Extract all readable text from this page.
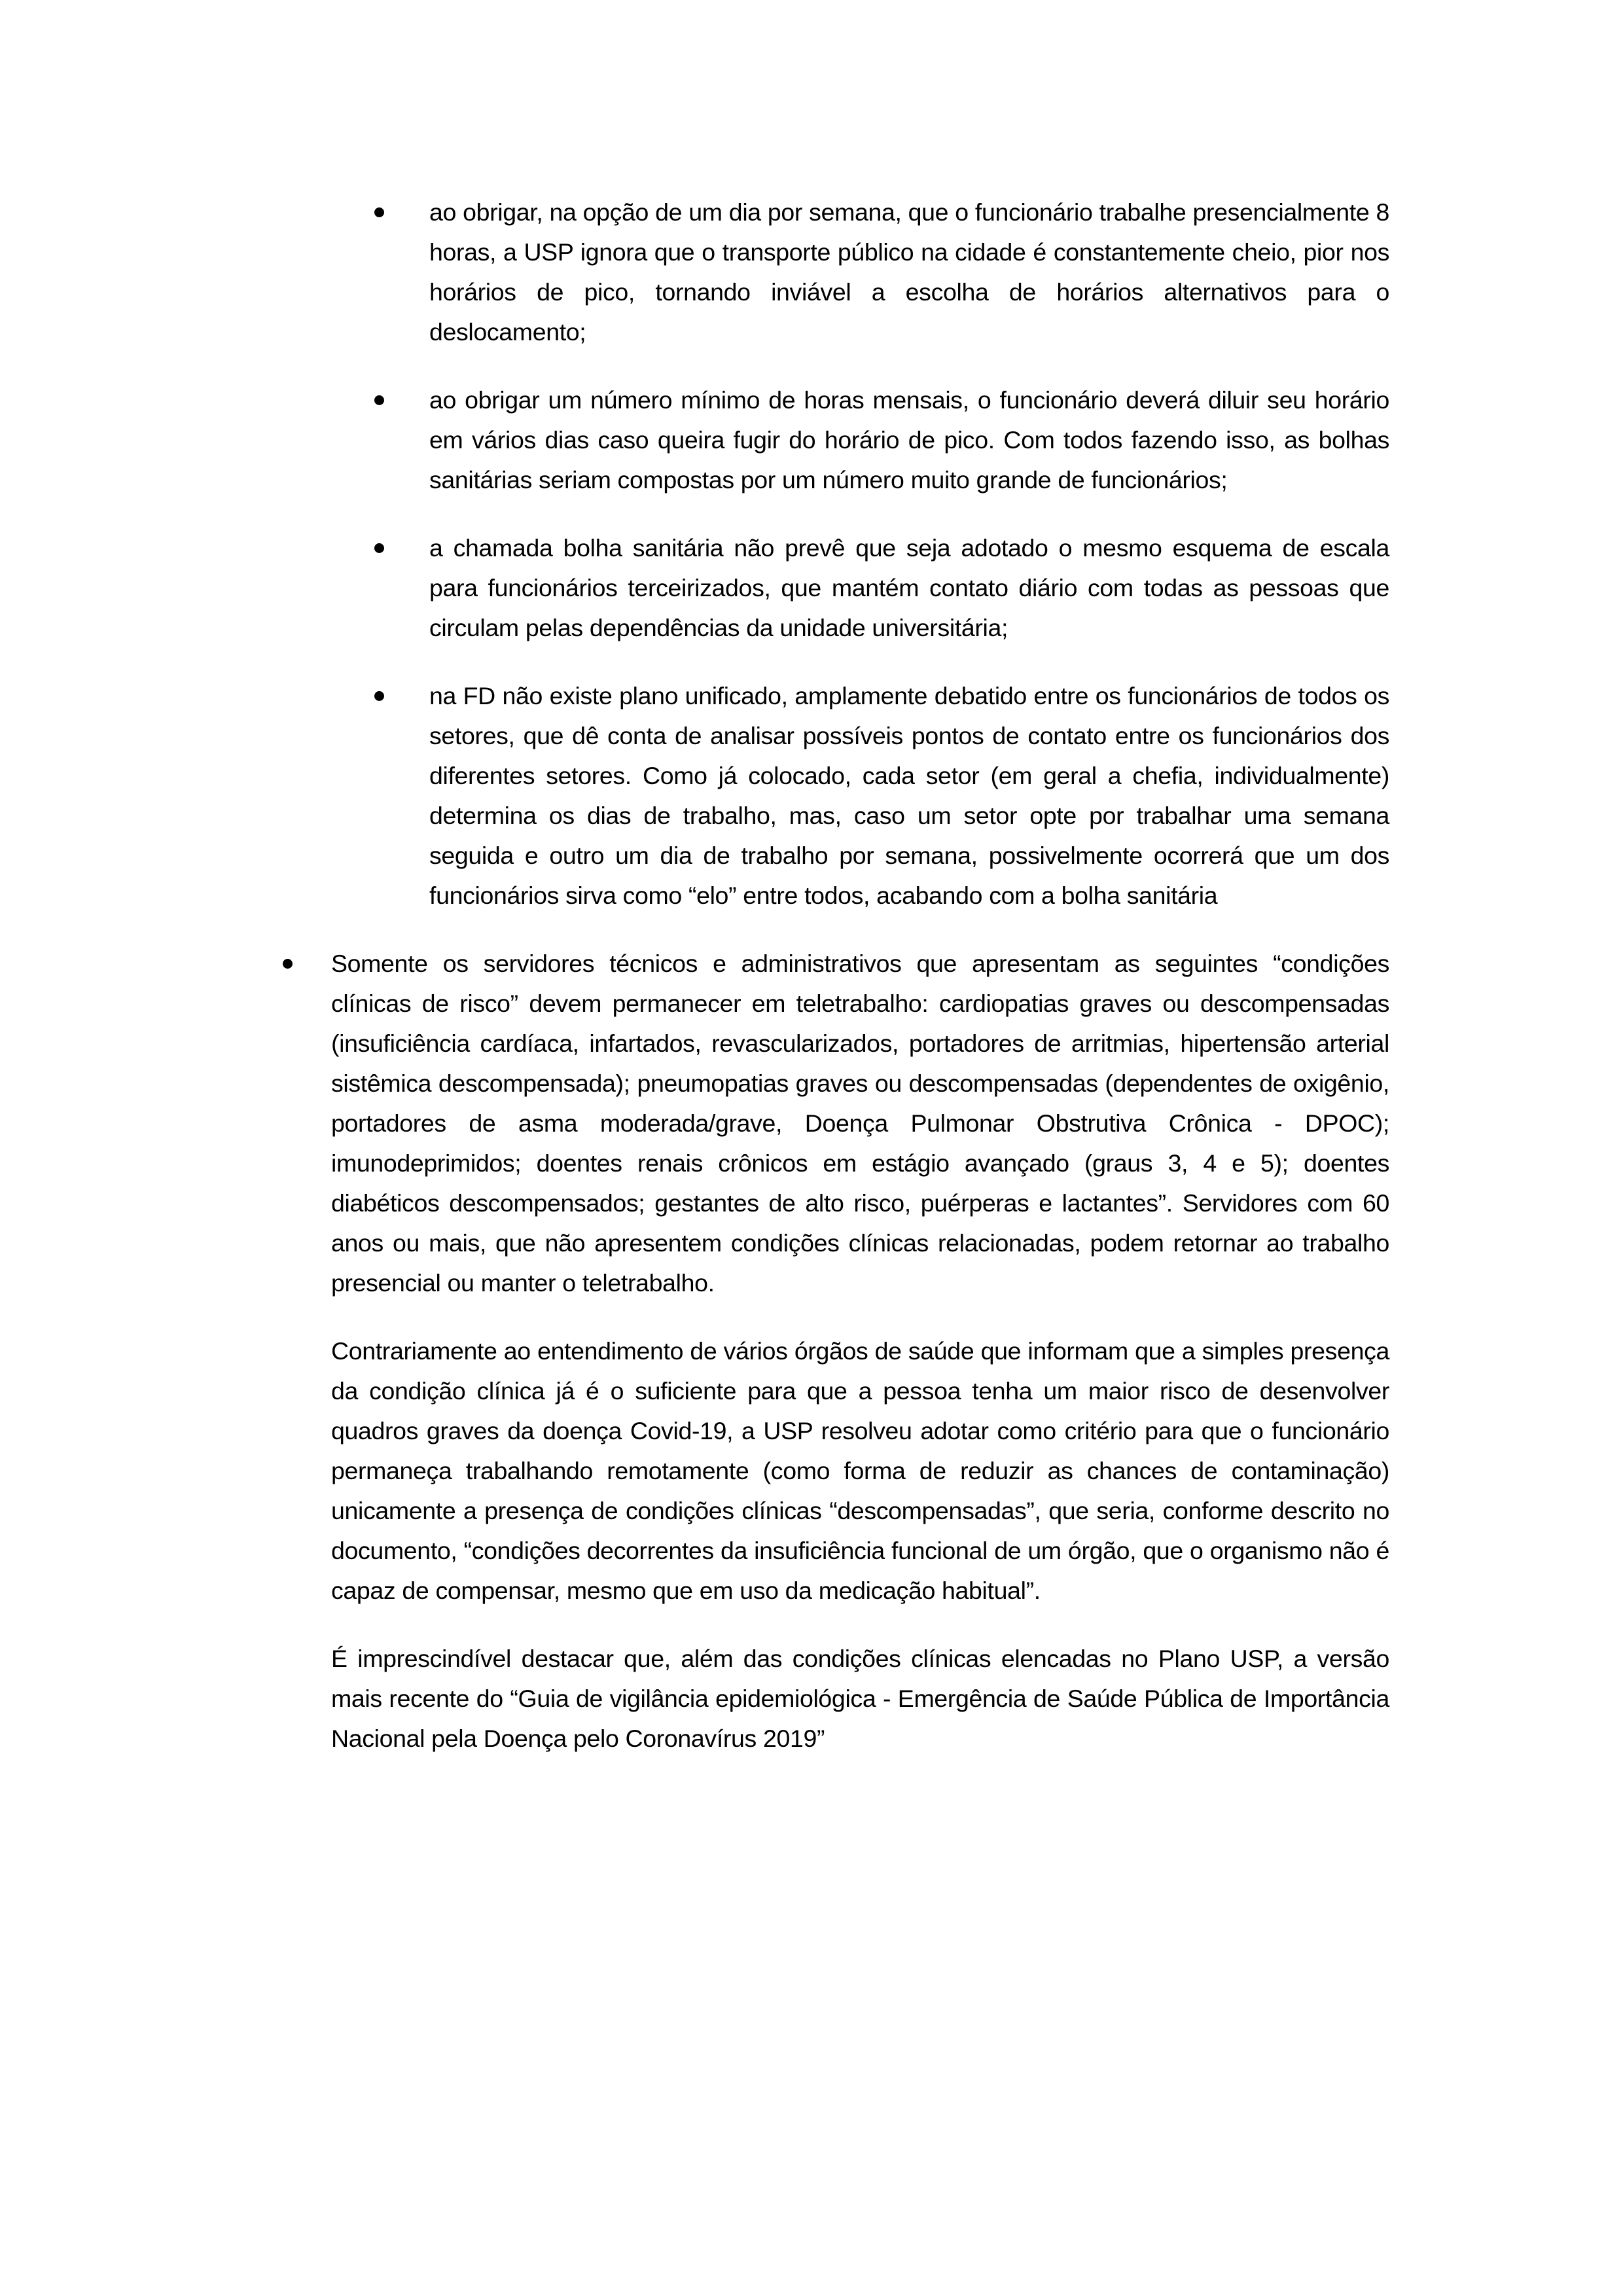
ao obrigar, na opção de um dia por semana, que o funcionário trabalhe presencialmente 8 horas, a USP ignora que o transporte público na cidade é constantemente cheio, pior nos horários de pico, tornando inviável a escolha de horários alternativos para o deslocamento;
ao obrigar um número mínimo de horas mensais, o funcionário deverá diluir seu horário em vários dias caso queira fugir do horário de pico. Com todos fazendo isso, as bolhas sanitárias seriam compostas por um número muito grande de funcionários;
a chamada bolha sanitária não prevê que seja adotado o mesmo esquema de escala para funcionários terceirizados, que mantém contato diário com todas as pessoas que circulam pelas dependências da unidade universitária;
na FD não existe plano unificado, amplamente debatido entre os funcionários de todos os setores, que dê conta de analisar possíveis pontos de contato entre os funcionários dos diferentes setores. Como já colocado, cada setor (em geral a chefia, individualmente) determina os dias de trabalho, mas, caso um setor opte por trabalhar uma semana seguida e outro um dia de trabalho por semana, possivelmente ocorrerá que um dos funcionários sirva como “elo” entre todos, acabando com a bolha sanitária
Somente os servidores técnicos e administrativos que apresentam as seguintes “condições clínicas de risco” devem permanecer em teletrabalho: cardiopatias graves ou descompensadas (insuficiência cardíaca, infartados, revascularizados, portadores de arritmias, hipertensão arterial sistêmica descompensada); pneumopatias graves ou descompensadas (dependentes de oxigênio, portadores de asma moderada/grave, Doença Pulmonar Obstrutiva Crônica - DPOC); imunodeprimidos; doentes renais crônicos em estágio avançado (graus 3, 4 e 5); doentes diabéticos descompensados; gestantes de alto risco, puérperas e lactantes”. Servidores com 60 anos ou mais, que não apresentem condições clínicas relacionadas, podem retornar ao trabalho presencial ou manter o teletrabalho.
Contrariamente ao entendimento de vários órgãos de saúde que informam que a simples presença da condição clínica já é o suficiente para que a pessoa tenha um maior risco de desenvolver quadros graves da doença Covid-19, a USP resolveu adotar como critério para que o funcionário permaneça trabalhando remotamente (como forma de reduzir as chances de contaminação) unicamente a presença de condições clínicas “descompensadas”, que seria, conforme descrito no documento, “condições decorrentes da insuficiência funcional de um órgão, que o organismo não é capaz de compensar, mesmo que em uso da medicação habitual”.
É imprescindível destacar que, além das condições clínicas elencadas no Plano USP, a versão mais recente do “Guia de vigilância epidemiológica - Emergência de Saúde Pública de Importância Nacional pela Doença pelo Coronavírus 2019”
